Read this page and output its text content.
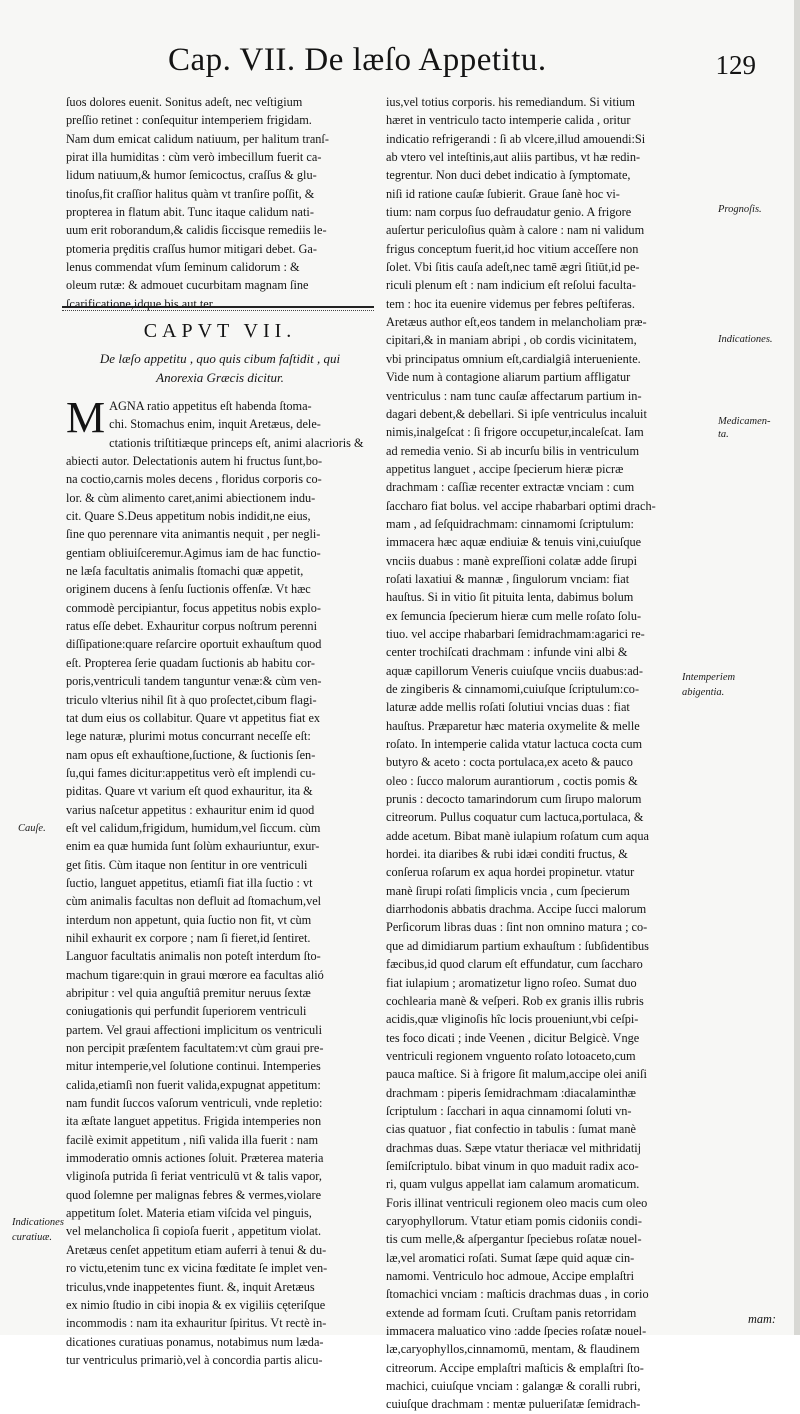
Cap. VII. De læſo Appetitu.	129

ſuos dolores euenit. Sonitus adeſt, nec veſtigium

preſſio retinet : conſequitur intemperiem frigidam.

Nam dum emicat calidum natiuum, per halitum tranſ-

pirat illa humiditas : cùm verò imbecillum fuerit ca-

lidum natiuum,& humor ſemicoctus, craſſus & glu-

tinoſus,fit craſſior halitus quàm vt tranſire poſſit, &

propterea in flatum abit. Tunc itaque calidum nati-

uum erit roborandum,& calidis ſiccisque remediis le-

ptomeria prȩditis craſſus humor mitigari debet. Ga-

lenus commendat vſum ſeminum calidorum : &

oleum rutæ: & admouet cucurbitam magnam ſine

ſcarificatione,idque bis aut ter.

CAPVT VII.

De læſo appetitu , quo quis cibum faſtidit , qui

Anorexia Græcis dicitur.

M AGNA ratio appetitus eſt habenda ſtoma-

chi. Stomachus enim, inquit Aretæus, dele-

ctationis triſtitiæque princeps eſt, animi alacrioris &

abiecti autor. Delectationis autem hi fructus ſunt,bo-

na coctio,carnis moles decens , floridus corporis co-

lor. & cùm alimento caret,animi abiectionem indu-

cit. Quare S.Deus appetitum nobis indidit,ne eius,

ſine quo perennare vita animantis nequit , per negli-

gentiam obliuiſceremur.Agimus iam de hac functio-

ne læſa facultatis animalis ſtomachi quæ appetit,

originem ducens à ſenſu ſuctionis offenſæ. Vt hæc

commodè percipiantur, focus appetitus nobis explo-

ratus eſſe debet. Exhauritur corpus noſtrum perenni

diſſipatione:quare reſarcire oportuit exhauſtum quod

eſt. Propterea ſerie quadam ſuctionis ab habitu cor-

poris,ventriculi tandem tanguntur venæ:& cùm ven-

triculo vlterius nihil ſit à quo proſectet,cibum flagi-

tat dum eius os collabitur. Quare vt appetitus fiat ex

lege naturæ, plurimi motus concurrant neceſſe eſt:

nam opus eſt exhauſtione,ſuctione, & ſuctionis ſen-

ſu,qui fames dicitur:appetitus verò eſt implendi cu-

piditas. Quare vt varium eſt quod exhauritur, ita &

varius naſcetur appetitus : exhauritur enim id quod

eſt vel calidum,frigidum, humidum,vel ſiccum. cùm

enim ea quæ humida ſunt ſolùm exhauriuntur, exur-

get ſitis. Cùm itaque non ſentitur in ore ventriculi

ſuctio, languet appetitus, etiamſi fiat illa ſuctio : vt

cùm animalis facultas non defluit ad ſtomachum,vel

interdum non appetunt, quia ſuctio non fit, vt cùm

nihil exhaurit ex corpore ; nam ſi fieret,id ſentiret.

Languor facultatis animalis non poteſt interdum ſto-

machum tigare:quin in graui mœrore ea facultas alió

abripitur : vel quia anguſtiâ premitur neruus ſextæ

coniugationis qui perfundit ſuperiorem ventriculi

partem. Vel graui affectioni implicitum os ventriculi

non percipit præſentem facultatem:vt cùm graui pre-

mitur intemperie,vel ſolutione continui. Intemperies

calida,etiamſi non fuerit valida,expugnat appetitum:

nam fundit ſuccos vaſorum ventriculi, vnde repletio:

ita æſtate languet appetitus. Frigida intemperies non

facilè eximit appetitum , niſi valida illa fuerit : nam

immoderatio omnis actiones ſoluit. Præterea materia

vliginoſa putrida ſi feriat ventriculū vt & talis vapor,

quod ſolemne per malignas febres & vermes,violare

appetitum ſolet. Materia etiam viſcida vel pinguis,

vel melancholica ſi copioſa fuerit , appetitum violat.

Aretæus cenſet appetitum etiam auferri à tenui & du-

ro victu,etenim tunc ex vicina fœditate ſe implet ven-

triculus,vnde inappetentes fiunt. &, inquit Aretæus

ex nimio ſtudio in cibi inopia & ex vigiliis cęteriſque

incommodis : nam ita exhauritur ſpiritus. Vt rectè in-

dicationes curatiuas ponamus, notabimus num læda-

tur ventriculus primariò,vel à concordia partis alicu-

ius,vel totius corporis. his remediandum. Si vitium

hæret in ventriculo tacto intemperie calida , oritur

indicatio refrigerandi : ſi ab vlcere,illud amouendi:Si

ab vtero vel inteſtinis,aut aliis partibus, vt hæ redin-

tegrentur. Non duci debet indicatio à ſymptomate,

niſi id ratione cauſæ ſubierit. Graue ſanè hoc vi-

tium: nam corpus ſuo defraudatur genio. A frigore

auſertur periculoſius quàm à calore : nam ni validum

frigus conceptum fuerit,id hoc vitium acceſſere non

ſolet. Vbi ſitis cauſa adeſt,nec tamē ægri ſitiūt,id pe-

riculi plenum eſt : nam indicium eſt reſolui faculta-

tem : hoc ita euenire videmus per febres peſtiferas.

Aretæus author eſt,eos tandem in melancholiam præ-

cipitari,& in maniam abripi , ob cordis vicinitatem,

vbi principatus omnium eſt,cardialgiâ interueniente.

Vide num à contagione aliarum partium affligatur

ventriculus : nam tunc cauſæ affectarum partium in-

dagari debent,& debellari. Si ipſe ventriculus incaluit

nimis,inalgeſcat : ſi frigore occupetur,incaleſcat. Iam

ad remedia venio. Si ab incurſu bilis in ventriculum

appetitus languet , accipe ſpecierum hieræ picræ

drachmam : caſſiæ recenter extractæ vnciam : cum

ſaccharo fiat bolus. vel accipe rhabarbari optimi drach-

mam , ad ſeſquidrachmam: cinnamomi ſcriptulum:

immacera hæc aquæ endiuiæ & tenuis vini,cuiuſque

vnciis duabus : manè expreſſioni colatæ adde ſirupi

roſati laxatiui & mannæ , ſingulorum vnciam: fiat

hauſtus. Si in vitio ſit pituita lenta, dabimus bolum

ex ſemuncia ſpecierum hieræ cum melle roſato ſolu-

tiuo. vel accipe rhabarbari ſemidrachmam:agarici re-

center trochiſcati drachmam : infunde vini albi &

aquæ capillorum Veneris cuiuſque vnciis duabus:ad-

de zingiberis & cinnamomi,cuiuſque ſcriptulum:co-

laturæ adde mellis roſati ſolutiui vncias duas : fiat

hauſtus. Præparetur hæc materia oxymelite & melle

roſato. In intemperie calida vtatur lactuca cocta cum

butyro & aceto : cocta portulaca,ex aceto & pauco

oleo : ſucco malorum aurantiorum , coctis pomis &

prunis : decocto tamarindorum cum ſirupo malorum

citreorum. Pullus coquatur cum lactuca,portulaca, &

adde acetum. Bibat manè iulapium roſatum cum aqua

hordei. ita diaribes & rubi idæi conditi fructus, &

conſerua roſarum ex aqua hordei propinetur. vtatur

manè ſirupi roſati ſimplicis vncia , cum ſpecierum

diarrhodonis abbatis drachma. Accipe ſucci malorum

Perſicorum libras duas : ſint non omnino matura ; co-

que ad dimidiarum partium exhauſtum : ſubſidentibus

fæcibus,id quod clarum eſt effundatur, cum ſaccharo

fiat iulapium ; aromatizetur ligno roſeo. Sumat duo

cochlearia manè & veſperi. Rob ex granis illis rubris

acidis,quæ vliginoſis hîc locis proueniunt,vbi ceſpi-

tes foco dicati ; inde Veenen , dicitur Belgicè. Vnge

ventriculi regionem vnguento roſato lotoaceto,cum

pauca maſtice. Si à frigore ſit malum,accipe olei aniſi

drachmam : piperis ſemidrachmam :diacalaminthæ

ſcriptulum : ſacchari in aqua cinnamomi ſoluti vn-

cias quatuor , fiat confectio in tabulis : ſumat manè

drachmas duas. Sæpe vtatur theriacæ vel mithridatij

ſemiſcriptulo. bibat vinum in quo maduit radix aco-

ri, quam vulgus appellat iam calamum aromaticum.

Foris illinat ventriculi regionem oleo macis cum oleo

caryophyllorum. Vtatur etiam pomis cidoniis condi-

tis cum melle,& aſpergantur ſpeciebus roſatæ nouel-

læ,vel aromatici roſati. Sumat ſæpe quid aquæ cin-

namomi. Ventriculo hoc admoue, Accipe emplaſtri

ſtomachici vnciam : maſticis drachmas duas , in corio

extende ad formam ſcuti. Cruſtam panis retorridam

immacera maluatico vino :adde ſpecies roſatæ nouel-

læ,caryophyllos,cinnamomū, mentam, & flaudinem

citreorum. Accipe emplaſtri maſticis & emplaſtri ſto-

machici, cuiuſque vnciam : galangæ & coralli rubri,

cuiuſque drachmam : mentæ pulueriſatæ ſemidrach-

Prognoſis.
Indicationes.
Medicamen-
ta.
Intemperiem
abigentia.
Cauſe.
Indicationes
curatiuæ.
mam:
